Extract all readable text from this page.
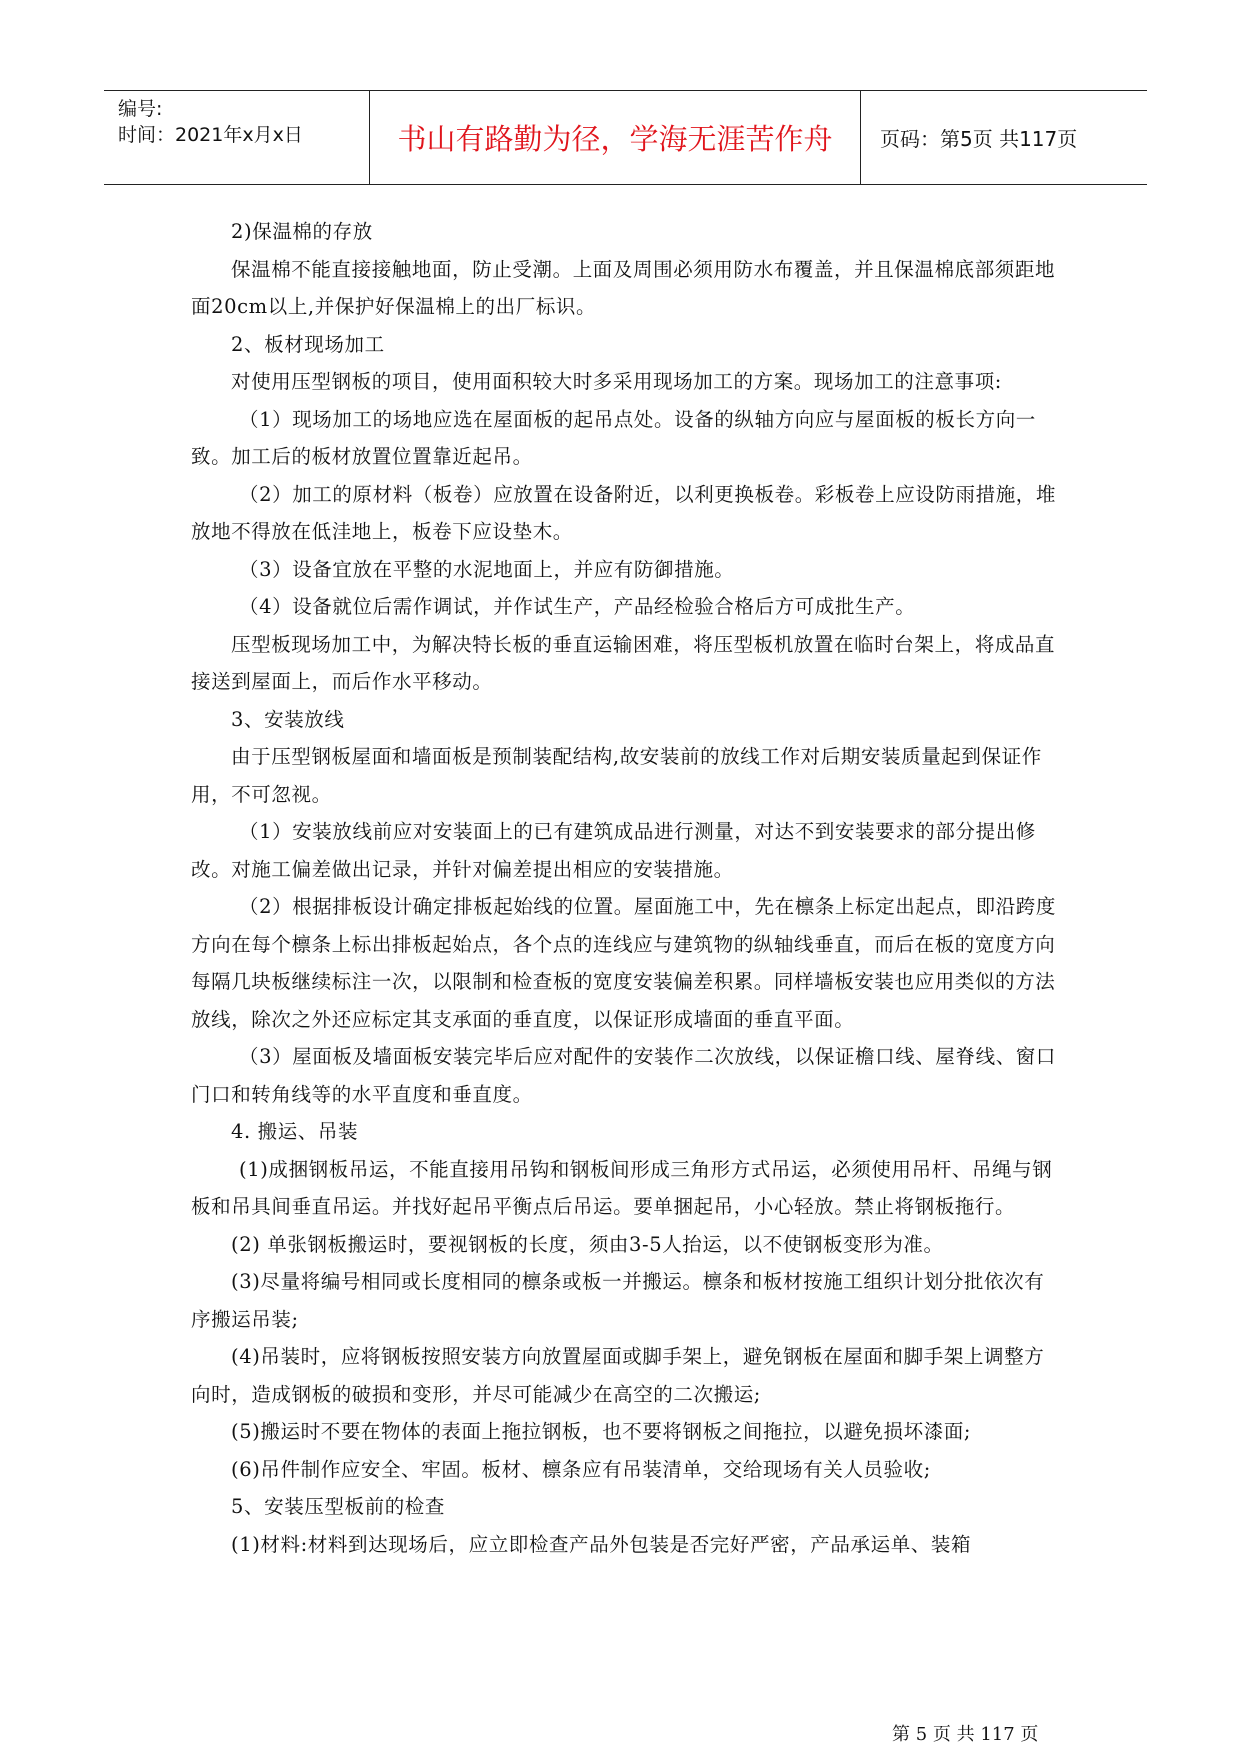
编号:
时间：2021年x月x日	书山有路勤为径，学海无涯苦作舟	页码：第5页 共117页

2)保温棉的存放

保温棉不能直接接触地面，防止受潮。上面及周围必须用防水布覆盖，并且保温棉底部须距地面20cm以上,并保护好保温棉上的出厂标识。

2、板材现场加工

对使用压型钢板的项目，使用面积较大时多采用现场加工的方案。现场加工的注意事项:

（1）现场加工的场地应选在屋面板的起吊点处。设备的纵轴方向应与屋面板的板长方向一致。加工后的板材放置位置靠近起吊。

（2）加工的原材料（板卷）应放置在设备附近，以利更换板卷。彩板卷上应设防雨措施，堆放地不得放在低洼地上，板卷下应设垫木。

（3）设备宜放在平整的水泥地面上，并应有防御措施。

（4）设备就位后需作调试，并作试生产，产品经检验合格后方可成批生产。

压型板现场加工中，为解决特长板的垂直运输困难，将压型板机放置在临时台架上，将成品直接送到屋面上，而后作水平移动。

3、安装放线

由于压型钢板屋面和墙面板是预制装配结构,故安装前的放线工作对后期安装质量起到保证作用，不可忽视。

（1）安装放线前应对安装面上的已有建筑成品进行测量，对达不到安装要求的部分提出修改。对施工偏差做出记录，并针对偏差提出相应的安装措施。

（2）根据排板设计确定排板起始线的位置。屋面施工中，先在檩条上标定出起点，即沿跨度方向在每个檩条上标出排板起始点，各个点的连线应与建筑物的纵轴线垂直，而后在板的宽度方向每隔几块板继续标注一次，以限制和检查板的宽度安装偏差积累。同样墙板安装也应用类似的方法放线，除次之外还应标定其支承面的垂直度，以保证形成墙面的垂直平面。

（3）屋面板及墙面板安装完毕后应对配件的安装作二次放线，以保证檐口线、屋脊线、窗口门口和转角线等的水平直度和垂直度。

4. 搬运、吊装

(1)成捆钢板吊运，不能直接用吊钩和钢板间形成三角形方式吊运，必须使用吊杆、吊绳与钢板和吊具间垂直吊运。并找好起吊平衡点后吊运。要单捆起吊，小心轻放。禁止将钢板拖行。

(2) 单张钢板搬运时，要视钢板的长度，须由3-5人抬运，以不使钢板变形为准。

(3)尽量将编号相同或长度相同的檩条或板一并搬运。檩条和板材按施工组织计划分批依次有序搬运吊装;

(4)吊装时，应将钢板按照安装方向放置屋面或脚手架上，避免钢板在屋面和脚手架上调整方向时，造成钢板的破损和变形，并尽可能减少在高空的二次搬运;

(5)搬运时不要在物体的表面上拖拉钢板，也不要将钢板之间拖拉，以避免损坏漆面;

(6)吊件制作应安全、牢固。板材、檩条应有吊装清单，交给现场有关人员验收;

5、安装压型板前的检查

(1)材料:材料到达现场后，应立即检查产品外包装是否完好严密，产品承运单、装箱

第 5 页 共 117 页
